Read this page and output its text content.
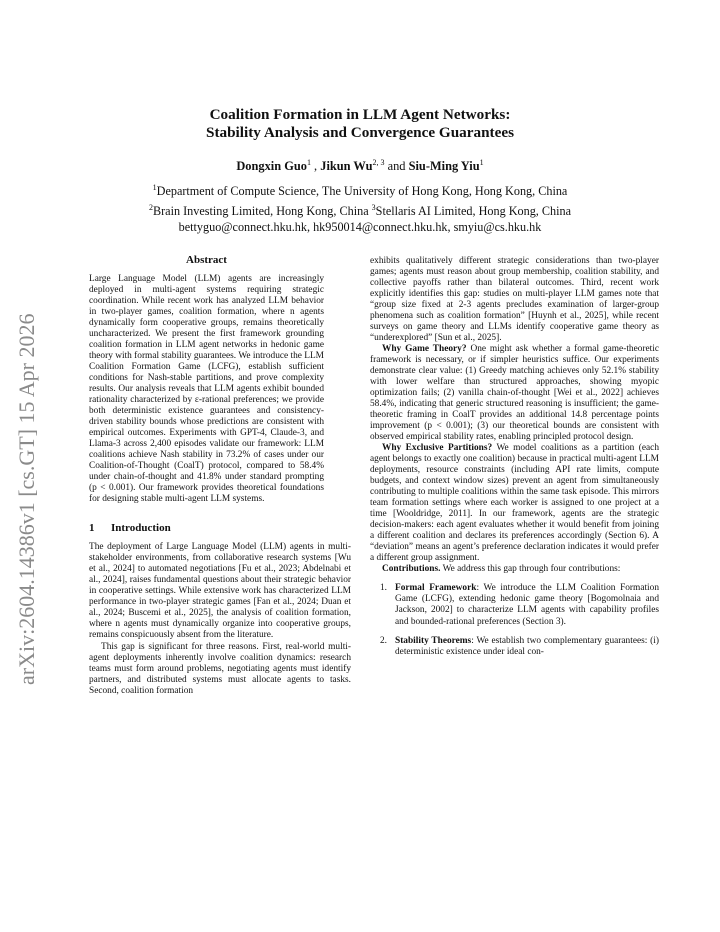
arXiv:2604.14386v1 [cs.GT] 15 Apr 2026
Coalition Formation in LLM Agent Networks:
Stability Analysis and Convergence Guarantees
Dongxin Guo$^1$ , Jikun Wu$^{2, 3}$ and Siu-Ming Yiu$^1$
$^1$Department of Compute Science, The University of Hong Kong, Hong Kong, China
$^2$Brain Investing Limited, Hong Kong, China $^3$Stellaris AI Limited, Hong Kong, China
bettyguo@connect.hku.hk, hk950014@connect.hku.hk, smyiu@cs.hku.hk
Abstract

Large Language Model (LLM) agents are increasingly deployed in multi-agent systems requiring strategic coordination. While recent work has analyzed LLM behavior in two-player games, coalition formation, where n agents dynamically form cooperative groups, remains theoretically uncharacterized. We present the first framework grounding coalition formation in LLM agent networks in hedonic game theory with formal stability guarantees. We introduce the LLM Coalition Formation Game (LCFG), establish sufficient conditions for Nash-stable partitions, and prove complexity results. Our analysis reveals that LLM agents exhibit bounded rationality characterized by ε-rational preferences; we provide both deterministic existence guarantees and consistency-driven stability bounds whose predictions are consistent with empirical outcomes. Experiments with GPT-4, Claude-3, and Llama-3 across 2,400 episodes validate our framework: LLM coalitions achieve Nash stability in 73.2% of cases under our Coalition-of-Thought (CoalT) protocol, compared to 58.4% under chain-of-thought and 41.8% under standard prompting (p < 0.001). Our framework provides theoretical foundations for designing stable multi-agent LLM systems.

1 Introduction

The deployment of Large Language Model (LLM) agents in multi-stakeholder environments, from collaborative research systems [Wu et al., 2024] to automated negotiations [Fu et al., 2023; Abdelnabi et al., 2024], raises fundamental questions about their strategic behavior in cooperative settings. While extensive work has characterized LLM performance in two-player strategic games [Fan et al., 2024; Duan et al., 2024; Buscemi et al., 2025], the analysis of coalition formation, where n agents must dynamically organize into cooperative groups, remains conspicuously absent from the literature.

This gap is significant for three reasons. First, real-world multi-agent deployments inherently involve coalition dynamics: research teams must form around problems, negotiating agents must identify partners, and distributed systems must allocate agents to tasks. Second, coalition formation

exhibits qualitatively different strategic considerations than two-player games; agents must reason about group membership, coalition stability, and collective payoffs rather than bilateral outcomes. Third, recent work explicitly identifies this gap: studies on multi-player LLM games note that “group size fixed at 2-3 agents precludes examination of larger-group phenomena such as coalition formation” [Huynh et al., 2025], while recent surveys on game theory and LLMs identify cooperative game theory as “underexplored” [Sun et al., 2025].

Why Game Theory? One might ask whether a formal game-theoretic framework is necessary, or if simpler heuristics suffice. Our experiments demonstrate clear value: (1) Greedy matching achieves only 52.1% stability with lower welfare than structured approaches, showing myopic optimization fails; (2) vanilla chain-of-thought [Wei et al., 2022] achieves 58.4%, indicating that generic structured reasoning is insufficient; the game-theoretic framing in CoalT provides an additional 14.8 percentage points improvement (p < 0.001); (3) our theoretical bounds are consistent with observed empirical stability rates, enabling principled protocol design.

Why Exclusive Partitions? We model coalitions as a partition (each agent belongs to exactly one coalition) because in practical multi-agent LLM deployments, resource constraints (including API rate limits, compute budgets, and context window sizes) prevent an agent from simultaneously contributing to multiple coalitions within the same task episode. This mirrors team formation settings where each worker is assigned to one project at a time [Wooldridge, 2011]. In our framework, agents are the strategic decision-makers: each agent evaluates whether it would benefit from joining a different coalition and declares its preferences accordingly (Section 6). A “deviation” means an agent’s preference declaration indicates it would prefer a different group assignment.

Contributions. We address this gap through four contributions:

1. Formal Framework: We introduce the LLM Coalition Formation Game (LCFG), extending hedonic game theory [Bogomolnaia and Jackson, 2002] to characterize LLM agents with capability profiles and bounded-rational preferences (Section 3).
2. Stability Theorems: We establish two complementary guarantees: (i) deterministic existence under ideal con-
